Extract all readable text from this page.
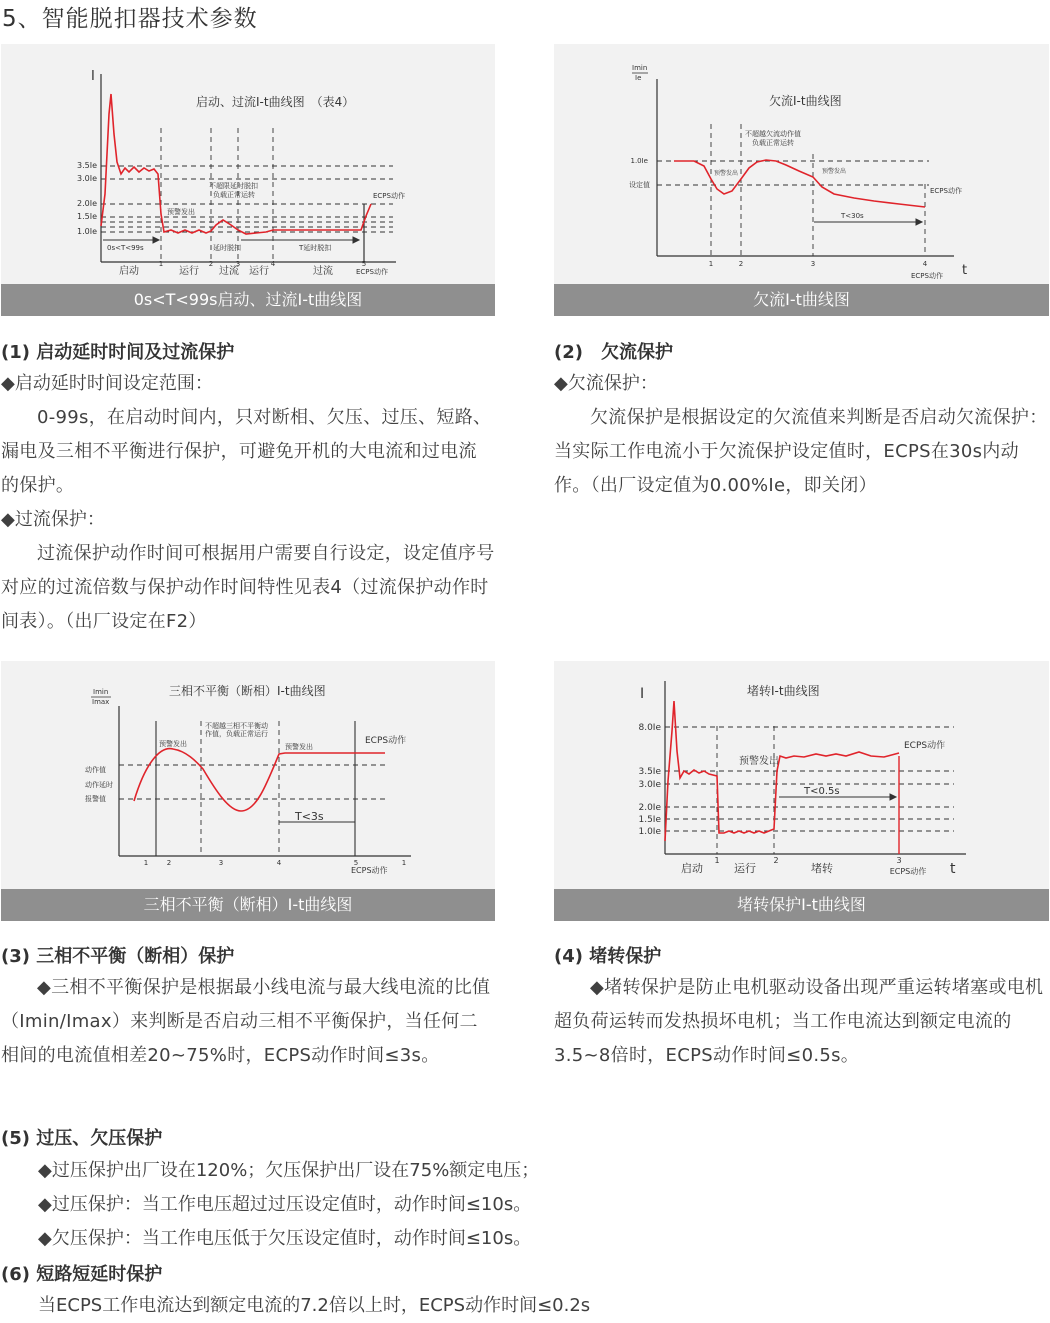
5、智能脱扣器技术参数
3.5Ie
3.0Ie
2.0Ie
1.5Ie
1.0Ie
I
启动、过流I-t曲线图　（表4）
1	2	3	4	5
启动	运行 过流 运行	过流	ECPS动作
0s<T<99s
预警发出
不超限延时脱扣
负载正常运转
延时脱扣	T延时脱扣
ECPS动作
0s<T<99s启动、过流I-t曲线图
Imin
Ie
欠流I-t曲线图
1.0Ie
设定值
1	2	3	4
不超越欠流动作值
负载正常运转
预警发出	预警发出
ECPS动作
T<30s
ECPS动作 t
欠流I-t曲线图
(1) 启动延时时间及过流保护
◆启动延时时间设定范围：
0-99s，在启动时间内，只对断相、欠压、过压、短路、漏电及三相不平衡进行保护，可避免开机的大电流和过电流的保护。
◆过流保护：
过流保护动作时间可根据用户需要自行设定，设定值序号对应的过流倍数与保护动作时间特性见表4（过流保护动作时间表）。（出厂设定在F2）
(2)　欠流保护
◆欠流保护：
欠流保护是根据设定的欠流值来判断是否启动欠流保护：当实际工作电流小于欠流保护设定值时，ECPS在30s内动作。（出厂设定值为0.00%Ie，即关闭）
Imin
Imax
三相不平衡（断相）I-t曲线图
动作值
动作延时
报警值
1	2	3	4	5	1
不超越三相不平衡动
作值，负载正常运行
预警发出	预警发出
ECPS动作
T<3s
ECPS动作
三相不平衡（断相）I-t曲线图
I	堵转I-t曲线图
8.0Ie
3.5Ie
3.0Ie
2.0Ie
1.5Ie
1.0Ie
1	2	3
启动	运行	堵转	ECPS动作
预警发出
ECPS动作
T<0.5s
t
堵转保护I-t曲线图
(3) 三相不平衡（断相）保护
◆三相不平衡保护是根据最小线电流与最大线电流的比值（Imin/Imax）来判断是否启动三相不平衡保护，当任何二相间的电流值相差20~75%时，ECPS动作时间≤3s。
(4) 堵转保护
◆堵转保护是防止电机驱动设备出现严重运转堵塞或电机超负荷运转而发热损坏电机；当工作电流达到额定电流的3.5~8倍时，ECPS动作时间≤0.5s。
(5) 过压、欠压保护
◆过压保护出厂设在120%；欠压保护出厂设在75%额定电压；
◆过压保护：当工作电压超过过压设定值时，动作时间≤10s。
◆欠压保护：当工作电压低于欠压设定值时，动作时间≤10s。
(6) 短路短延时保护
当ECPS工作电流达到额定电流的7.2倍以上时，ECPS动作时间≤0.2s
